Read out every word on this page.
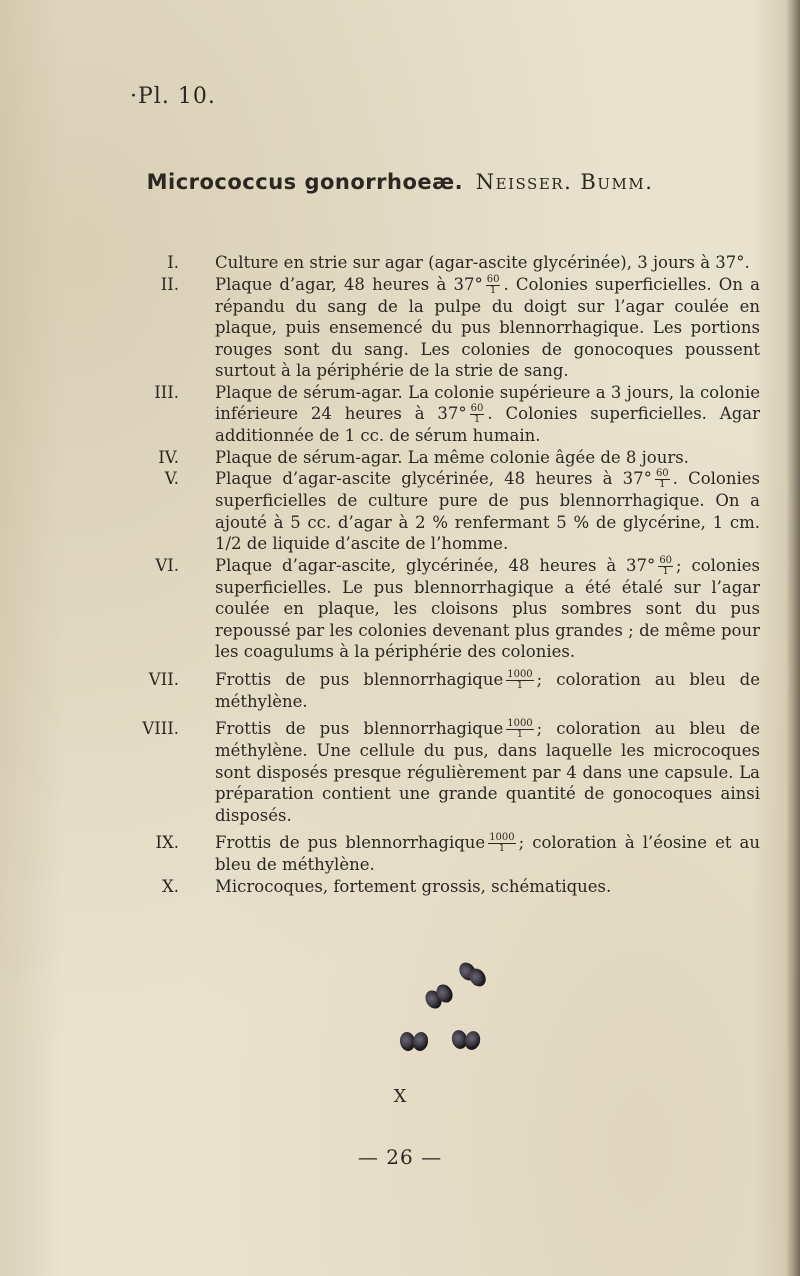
·Pl. 10.
Micrococcus gonorrhoeæ. Neisser. Bumm.
I. Culture en strie sur agar (agar-ascite glycérinée), 3 jours à 37°.
II. Plaque d’agar, 48 heures à $37^\circ \frac{60}{1}$ . Colonies superficielles. On a répandu du sang de la pulpe du doigt sur l’agar coulée en plaque, puis ensemencé du pus blennorrhagique. Les portions rouges sont du sang. Les colonies de gonocoques poussent surtout à la périphérie de la strie de sang.
III. Plaque de sérum-agar. La colonie supérieure a 3 jours, la colonie inférieure 24 heures à $37^\circ \frac{60}{1}$ . Colonies superficielles. Agar additionnée de 1 cc. de sérum humain.
IV. Plaque de sérum-agar. La même colonie âgée de 8 jours.
V. Plaque d’agar-ascite glycérinée, 48 heures à $37^\circ \frac{60}{1}$ . Colonies superficielles de culture pure de pus blennorrhagique. On a ajouté à 5 cc. d’agar à 2 % renfermant 5 % de glycérine, 1 cm. 1/2 de liquide d’ascite de l’homme.
VI. Plaque d’agar-ascite, glycérinée, 48 heures à $37^\circ \frac{60}{1}$ ; colonies superficielles. Le pus blennorrhagique a été étalé sur l’agar coulée en plaque, les cloisons plus sombres sont du pus repoussé par les colonies devenant plus grandes ; de même pour les coagulums à la périphérie des colonies.
VII. Frottis de pus blennorrhagique $\frac{1000}{1}$ ; coloration au bleu de méthylène.
VIII. Frottis de pus blennorrhagique $\frac{1000}{1}$ ; coloration au bleu de méthylène. Une cellule du pus, dans laquelle les microcoques sont disposés presque régulièrement par 4 dans une capsule. La préparation contient une grande quantité de gonocoques ainsi disposés.
IX. Frottis de pus blennorrhagique $\frac{1000}{1}$ ; coloration à l’éosine et au bleu de méthylène.
X. Microcoques, fortement grossis, schématiques.
X
— 26 —
